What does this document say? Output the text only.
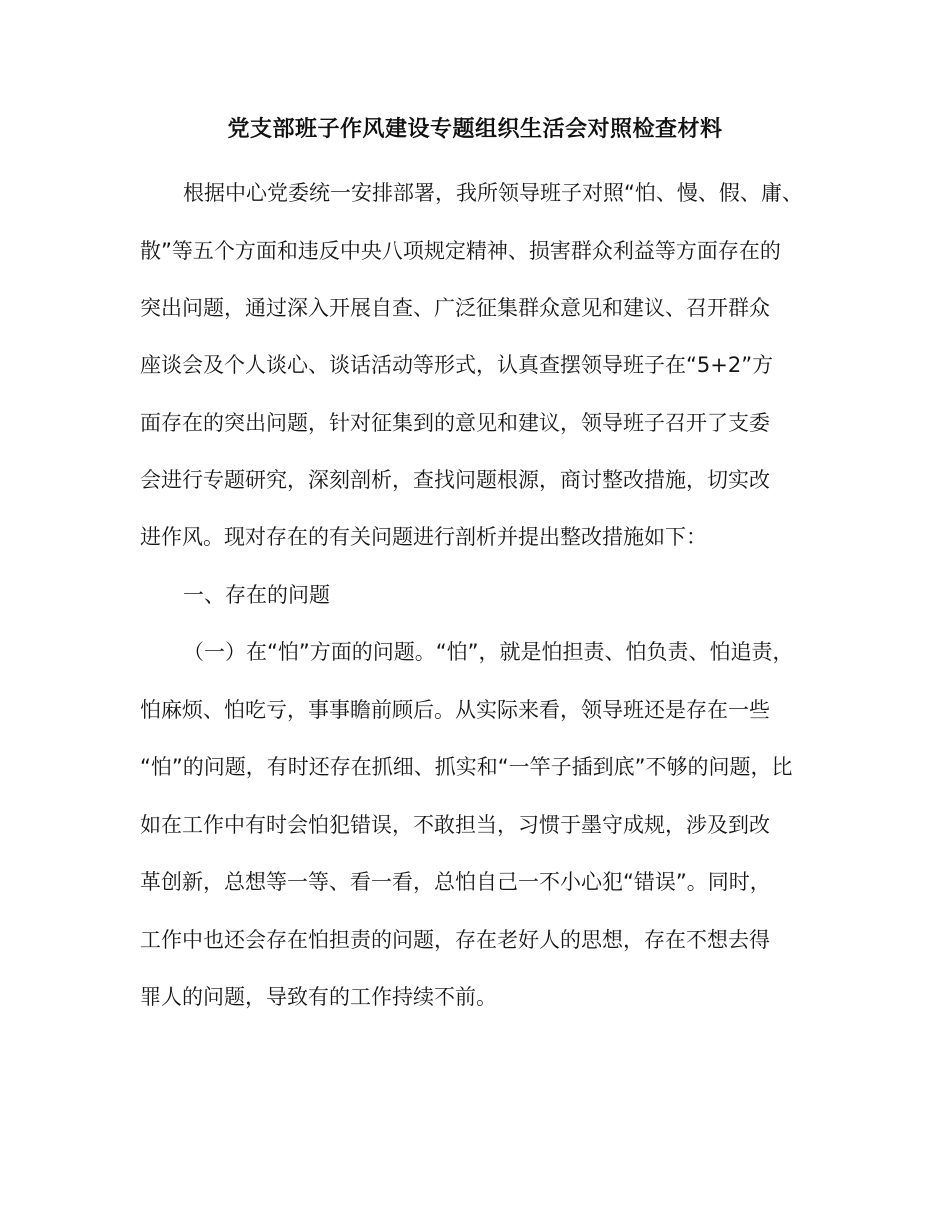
党支部班子作风建设专题组织生活会对照检查材料
根据中心党委统一安排部署，我所领导班子对照“怕、慢、假、庸、
散”等五个方面和违反中央八项规定精神、损害群众利益等方面存在的
突出问题，通过深入开展自查、广泛征集群众意见和建议、召开群众
座谈会及个人谈心、谈话活动等形式，认真查摆领导班子在“5+2”方
面存在的突出问题，针对征集到的意见和建议，领导班子召开了支委
会进行专题研究，深刻剖析，查找问题根源，商讨整改措施，切实改
进作风。现对存在的有关问题进行剖析并提出整改措施如下：
一、存在的问题
（一）在“怕”方面的问题。“怕”，就是怕担责、怕负责、怕追责，
怕麻烦、怕吃亏，事事瞻前顾后。从实际来看，领导班还是存在一些
“怕”的问题，有时还存在抓细、抓实和“一竿子插到底”不够的问题，比
如在工作中有时会怕犯错误，不敢担当，习惯于墨守成规，涉及到改
革创新，总想等一等、看一看，总怕自己一不小心犯“错误”。同时，
工作中也还会存在怕担责的问题，存在老好人的思想，存在不想去得
罪人的问题，导致有的工作持续不前。
